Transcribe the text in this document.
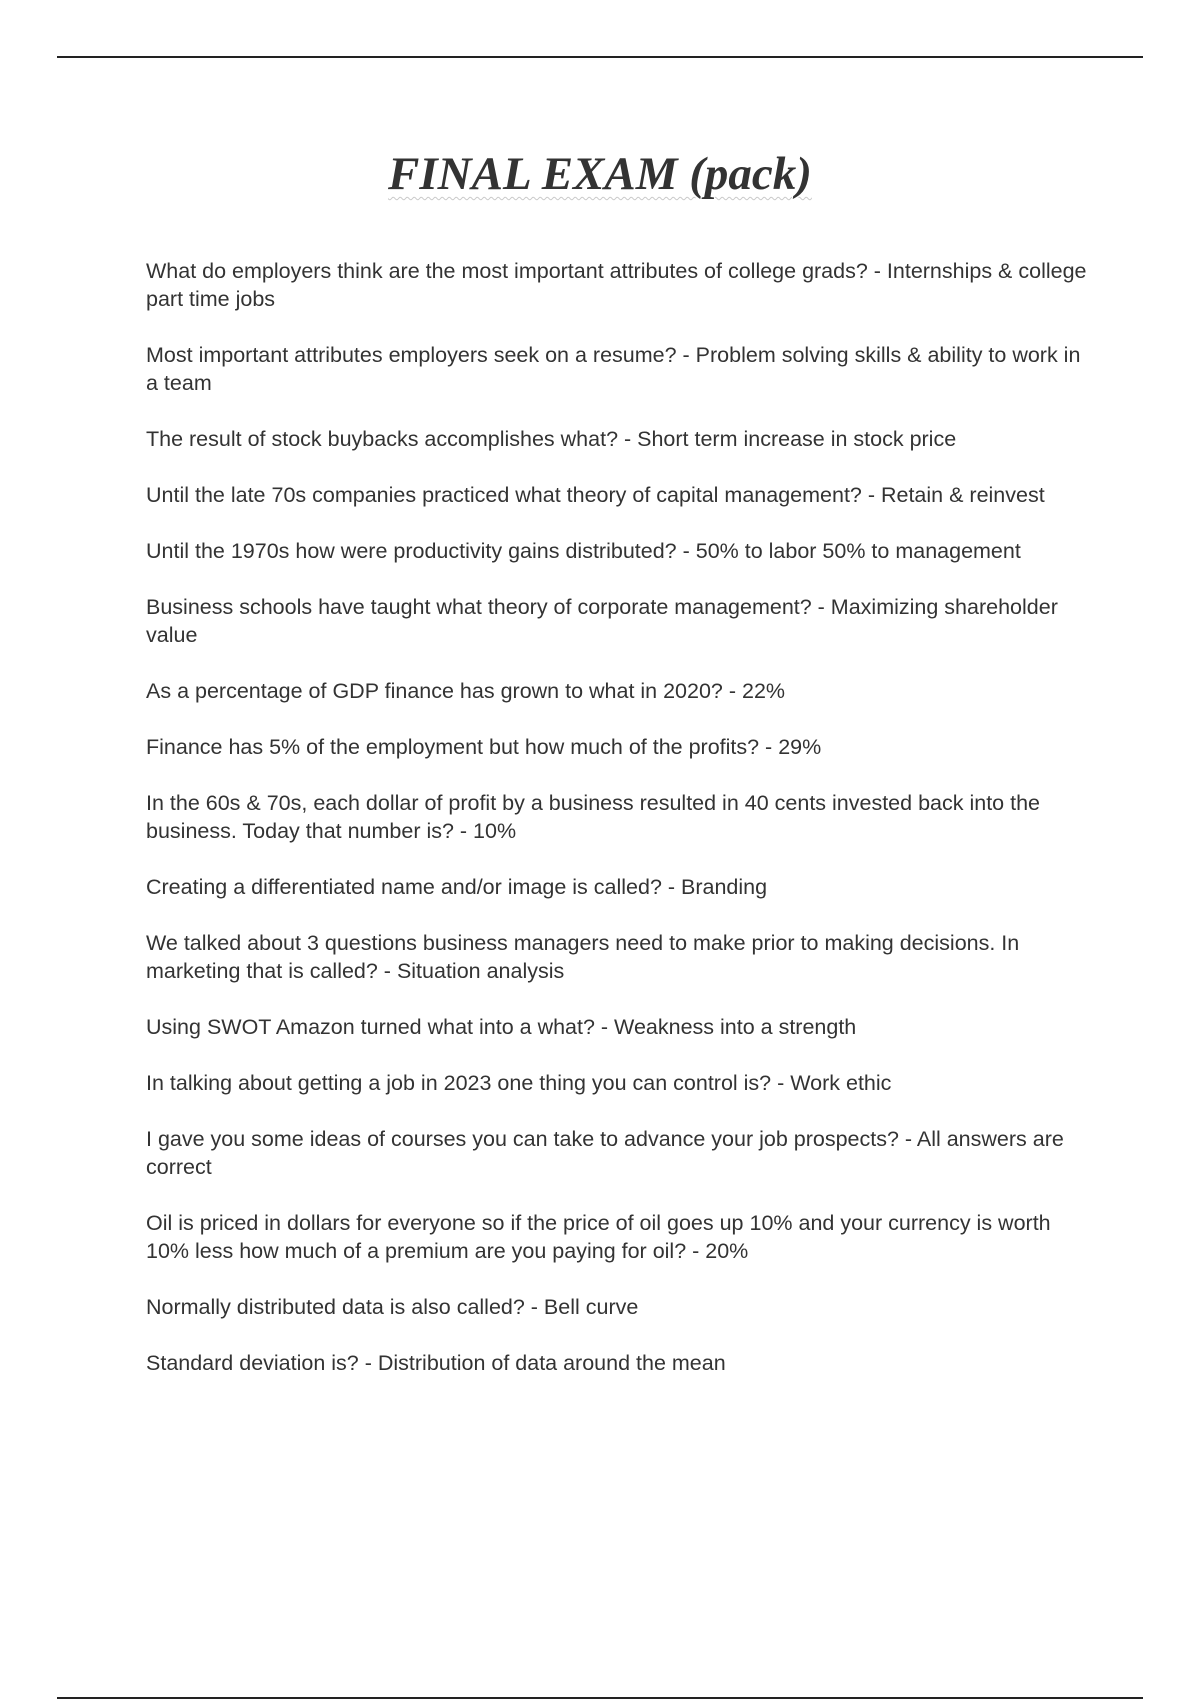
FINAL EXAM (pack)
What do employers think are the most important attributes of college grads? - Internships & college part time jobs
Most important attributes employers seek on a resume? - Problem solving skills & ability to work in a team
The result of stock buybacks accomplishes what? - Short term increase in stock price
Until the late 70s companies practiced what theory of capital management? - Retain & reinvest
Until the 1970s how were productivity gains distributed? - 50% to labor 50% to management
Business schools have taught what theory of corporate management? - Maximizing shareholder value
As a percentage of GDP finance has grown to what in 2020? - 22%
Finance has 5% of the employment but how much of the profits? - 29%
In the 60s & 70s, each dollar of profit by a business resulted in 40 cents invested back into the business. Today that number is? - 10%
Creating a differentiated name and/or image is called? - Branding
We talked about 3 questions business managers need to make prior to making decisions. In marketing that is called? - Situation analysis
Using SWOT Amazon turned what into a what? - Weakness into a strength
In talking about getting a job in 2023 one thing you can control is? - Work ethic
I gave you some ideas of courses you can take to advance your job prospects? - All answers are correct
Oil is priced in dollars for everyone so if the price of oil goes up 10% and your currency is worth 10% less how much of a premium are you paying for oil? - 20%
Normally distributed data is also called? - Bell curve
Standard deviation is? - Distribution of data around the mean
